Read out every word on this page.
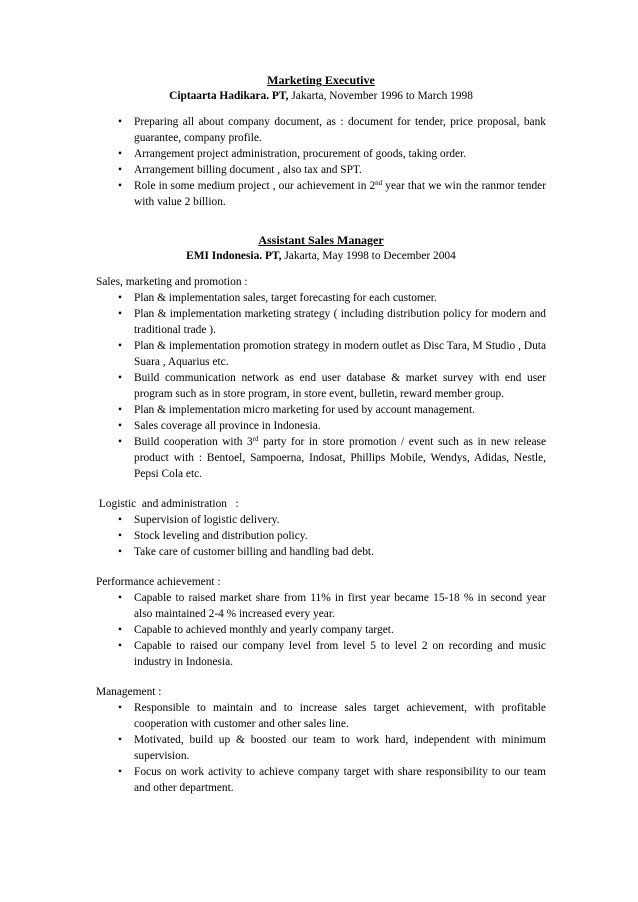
Marketing Executive

Ciptaarta Hadikara. PT, Jakarta, November 1996 to March 1998

•	Preparing all about company document, as : document for tender, price proposal, bank guarantee, company profile.
•	Arrangement project administration, procurement of goods, taking order.
•	Arrangement billing document , also tax and SPT.
•	Role in some medium project , our achievement in 2nd year that we win the ranmor tender with value 2 billion.

Assistant Sales Manager

EMI Indonesia. PT, Jakarta, May 1998 to December 2004

Sales, marketing and promotion :

•	Plan & implementation sales, target forecasting for each customer.
•	Plan & implementation marketing strategy ( including distribution policy for modern and traditional trade ).
•	Plan & implementation promotion strategy in modern outlet as Disc Tara, M Studio , Duta Suara , Aquarius etc.
•	Build communication network as end user database & market survey with end user program such as in store program, in store event, bulletin, reward member group.
•	Plan & implementation micro marketing for used by account management.
•	Sales coverage all province in Indonesia.
•	Build cooperation with 3rd party for in store promotion / event such as in new release product with : Bentoel, Sampoerna, Indosat, Phillips Mobile, Wendys, Adidas, Nestle, Pepsi Cola etc.

Logistic  and administration   :

•	Supervision of logistic delivery.
•	Stock leveling and distribution policy.
•	Take care of customer billing and handling bad debt.

Performance achievement :

•	Capable to raised market share from 11% in first year became 15-18 % in second year also maintained 2-4 % increased every year.
•	Capable to achieved monthly and yearly company target.
•	Capable to raised our company level from level 5 to level 2 on recording and music industry in Indonesia.

Management :

•	Responsible to maintain and to increase sales target achievement, with profitable cooperation with customer and other sales line.
•	Motivated, build up & boosted our team to work hard, independent with minimum supervision.
•	Focus on work activity to achieve company target with share responsibility to our team and other department.
